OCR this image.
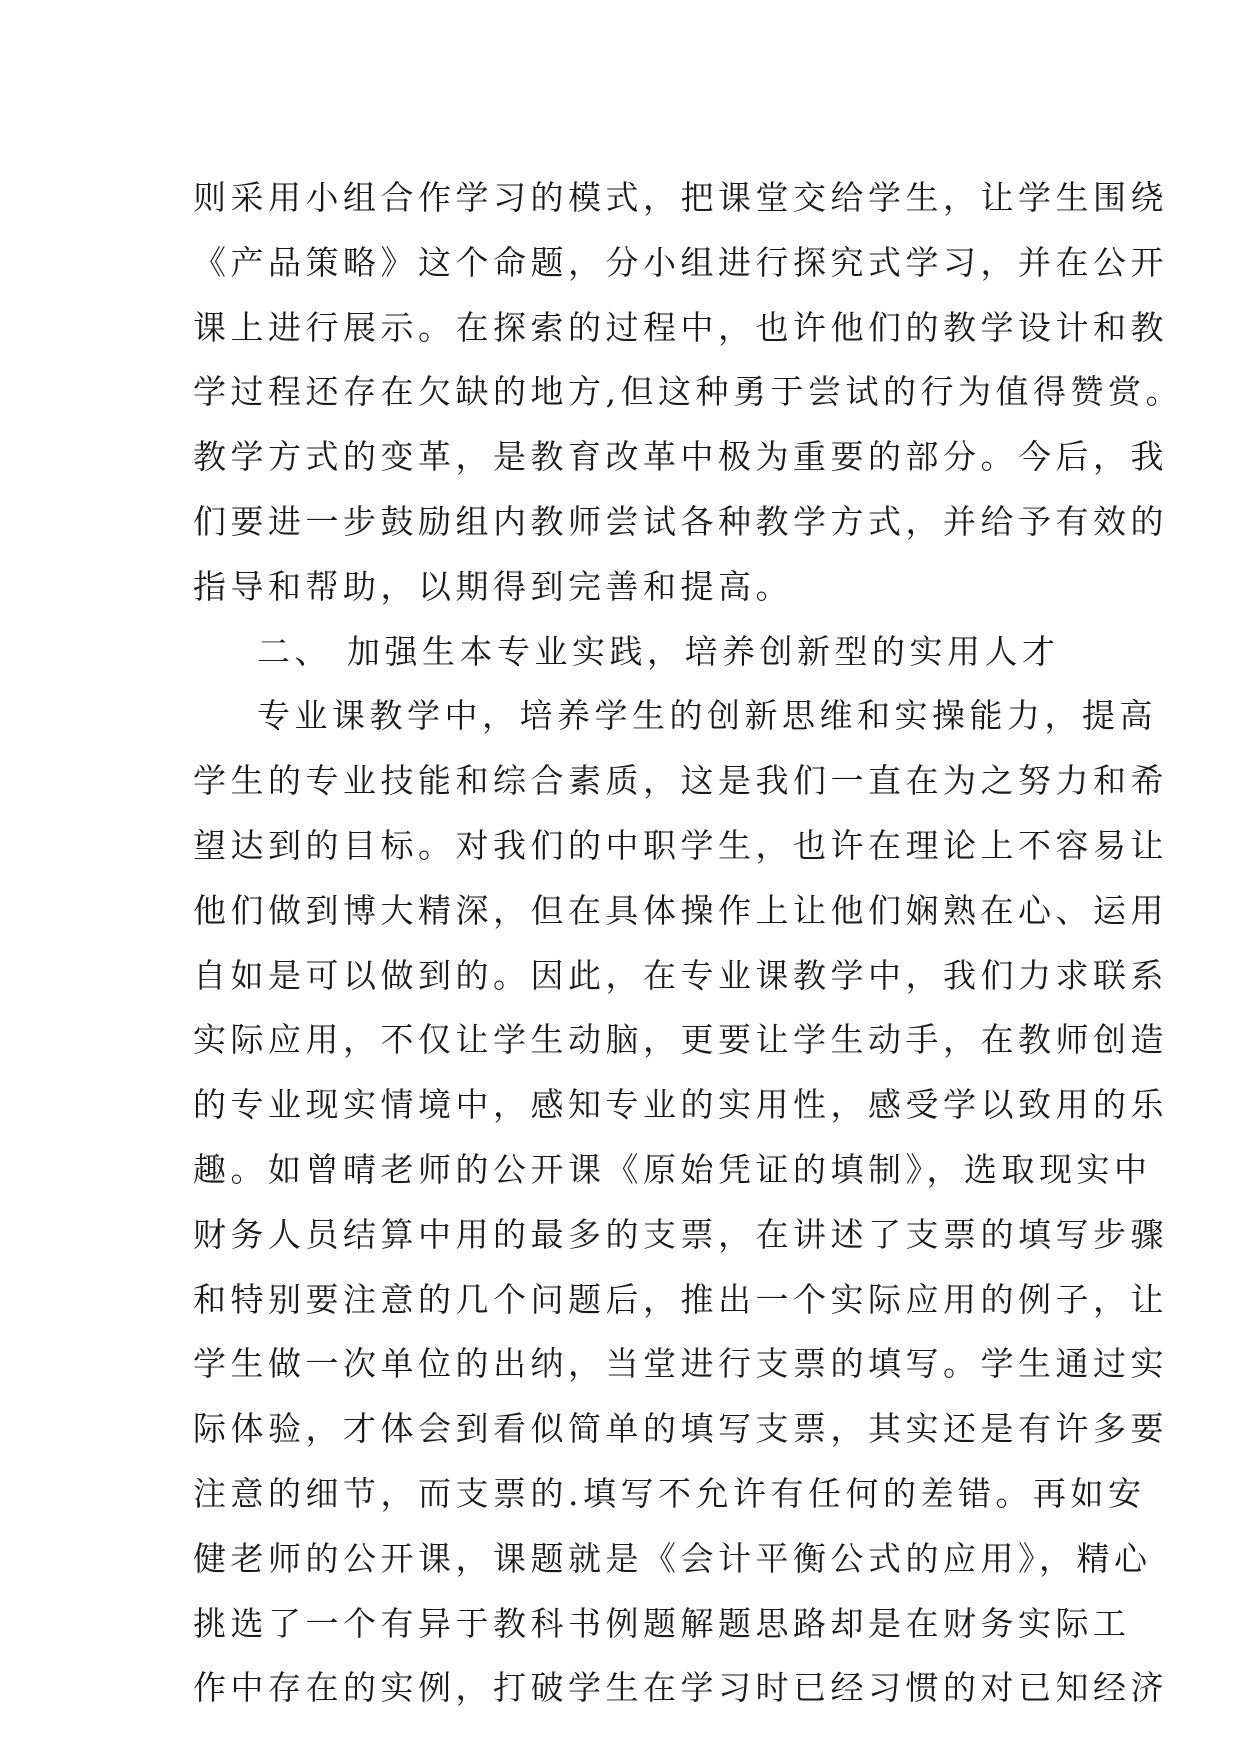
则采用小组合作学习的模式，把课堂交给学生，让学生围绕
《产品策略》这个命题，分小组进行探究式学习，并在公开
课上进行展示。在探索的过程中，也许他们的教学设计和教
学过程还存在欠缺的地方,但这种勇于尝试的行为值得赞赏。
教学方式的变革，是教育改革中极为重要的部分。今后，我
们要进一步鼓励组内教师尝试各种教学方式，并给予有效的
指导和帮助，以期得到完善和提高。
二、 加强生本专业实践，培养创新型的实用人才
专业课教学中，培养学生的创新思维和实操能力，提高
学生的专业技能和综合素质，这是我们一直在为之努力和希
望达到的目标。对我们的中职学生，也许在理论上不容易让
他们做到博大精深，但在具体操作上让他们娴熟在心、运用
自如是可以做到的。因此，在专业课教学中，我们力求联系
实际应用，不仅让学生动脑，更要让学生动手，在教师创造
的专业现实情境中，感知专业的实用性，感受学以致用的乐
趣。如曾晴老师的公开课《原始凭证的填制》，选取现实中
财务人员结算中用的最多的支票，在讲述了支票的填写步骤
和特别要注意的几个问题后，推出一个实际应用的例子，让
学生做一次单位的出纳，当堂进行支票的填写。学生通过实
际体验，才体会到看似简单的填写支票，其实还是有许多要
注意的细节，而支票的.填写不允许有任何的差错。再如安
健老师的公开课，课题就是《会计平衡公式的应用》，精心
挑选了一个有异于教科书例题解题思路却是在财务实际工
作中存在的实例，打破学生在学习时已经习惯的对已知经济
